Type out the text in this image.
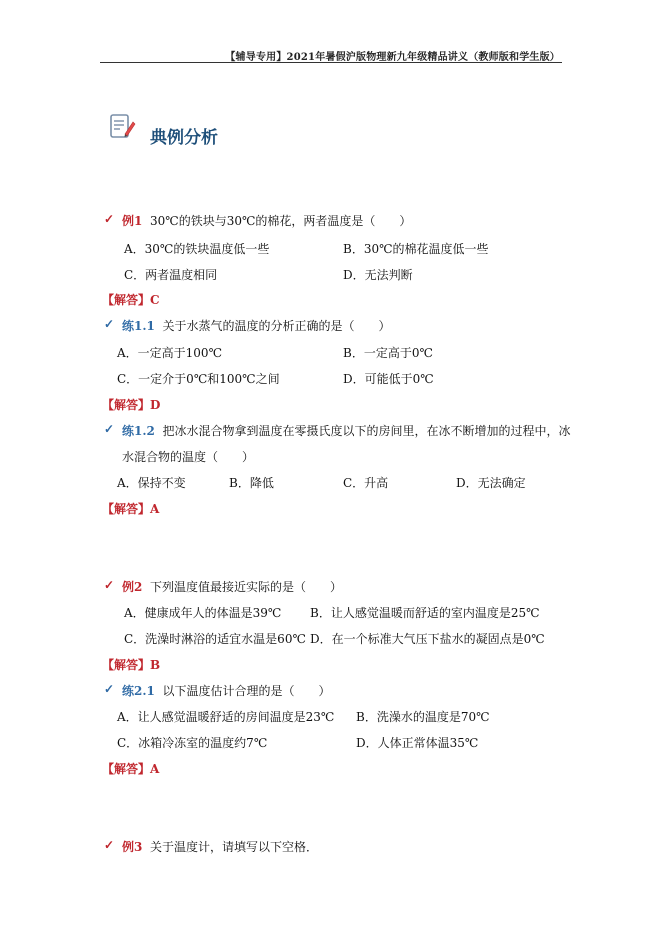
【辅导专用】2021年暑假沪版物理新九年级精品讲义（教师版和学生版）
典例分析
✓ 例1 30℃的铁块与30℃的棉花，两者温度是（　　）
A．30℃的铁块温度低一些	B．30℃的棉花温度低一些
C．两者温度相同	D．无法判断
【解答】C
✓ 练1.1 关于水蒸气的温度的分析正确的是（　　）
A．一定高于100℃	B．一定高于0℃
C．一定介于0℃和100℃之间	D．可能低于0℃
【解答】D
✓ 练1.2 把冰水混合物拿到温度在零摄氏度以下的房间里，在冰不断增加的过程中，冰
水混合物的温度（　　）
A．保持不变	B．降低	C．升高	D．无法确定
【解答】A
✓ 例2 下列温度值最接近实际的是（　　）
A．健康成年人的体温是39℃ B．让人感觉温暖而舒适的室内温度是25℃
C．洗澡时淋浴的适宜水温是60℃ D．在一个标准大气压下盐水的凝固点是0℃
【解答】B
✓ 练2.1 以下温度估计合理的是（　　）
A．让人感觉温暖舒适的房间温度是23℃ B．洗澡水的温度是70℃
C．冰箱冷冻室的温度约7℃	D．人体正常体温35℃
【解答】A
✓ 例3 关于温度计，请填写以下空格．
